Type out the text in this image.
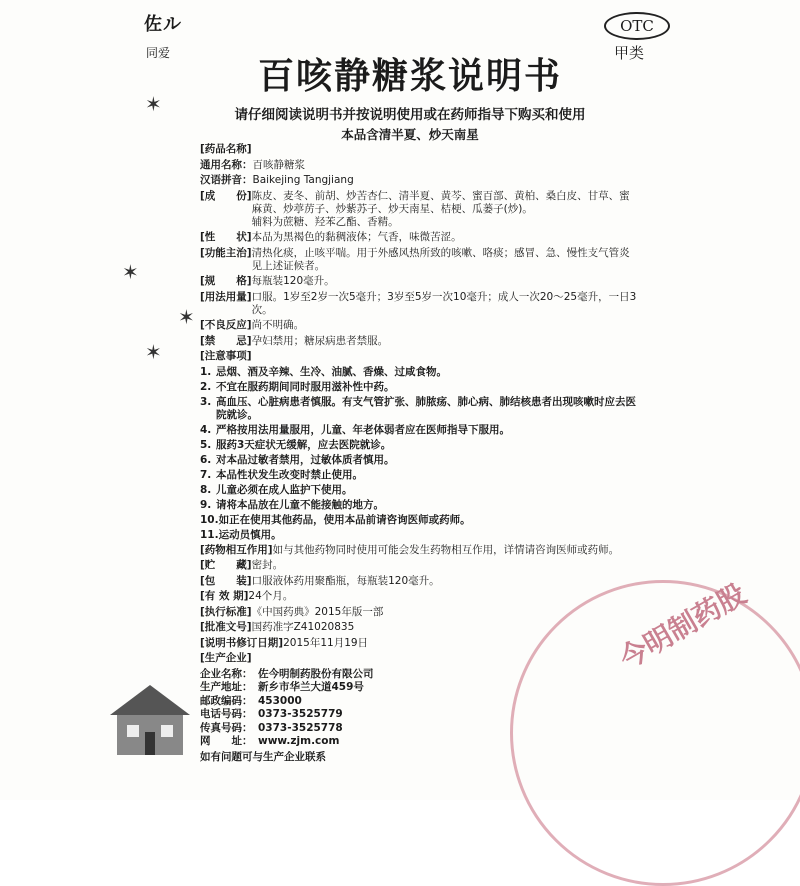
佐ル
同爱
OTC
甲类
百咳静糖浆说明书
请仔细阅读说明书并按说明使用或在药师指导下购买和使用
本品含清半夏、炒天南星
✶
✶
✶
✶
[药品名称]
通用名称： 百咳静糖浆
汉语拼音： Baikejing Tangjiang
[成　　份] 陈皮、麦冬、前胡、炒苦杏仁、清半夏、黄芩、蜜百部、黄柏、桑白皮、甘草、蜜麻黄、炒葶苈子、炒紫苏子、炒天南星、桔梗、瓜蒌子(炒)。
辅料为蔗糖、羟苯乙酯、香精。
[性　　状] 本品为黑褐色的黏稠液体；气香，味微苦涩。
[功能主治] 清热化痰，止咳平喘。用于外感风热所致的咳嗽、咯痰；感冒、急、慢性支气管炎见上述证候者。
[规　　格] 每瓶装120毫升。
[用法用量] 口服。1岁至2岁一次5毫升；3岁至5岁一次10毫升；成人一次20～25毫升，一日3次。
[不良反应] 尚不明确。
[禁　　忌] 孕妇禁用；糖尿病患者禁服。
[注意事项]
1. 忌烟、酒及辛辣、生冷、油腻、香燥、过咸食物。
2. 不宜在服药期间同时服用滋补性中药。
3. 高血压、心脏病患者慎服。有支气管扩张、肺脓疡、肺心病、肺结核患者出现咳嗽时应去医院就诊。
4. 严格按用法用量服用，儿童、年老体弱者应在医师指导下服用。
5. 服药3天症状无缓解，应去医院就诊。
6. 对本品过敏者禁用，过敏体质者慎用。
7. 本品性状发生改变时禁止使用。
8. 儿童必须在成人监护下使用。
9. 请将本品放在儿童不能接触的地方。
10. 如正在使用其他药品，使用本品前请咨询医师或药师。
11. 运动员慎用。
[药物相互作用] 如与其他药物同时使用可能会发生药物相互作用，详情请咨询医师或药师。
[贮　　藏] 密封。
[包　　装] 口服液体药用聚酯瓶，每瓶装120毫升。
[有 效 期] 24个月。
[执行标准] 《中国药典》2015年版一部
[批准文号] 国药准字Z41020835
[说明书修订日期] 2015年11月19日
[生产企业]
企业名称： 佐今明制药股份有限公司
生产地址： 新乡市华兰大道459号
邮政编码： 453000
电话号码： 0373-3525779
传真号码： 0373-3525778
网　　址： www.zjm.com
如有问题可与生产企业联系
今明制药股
